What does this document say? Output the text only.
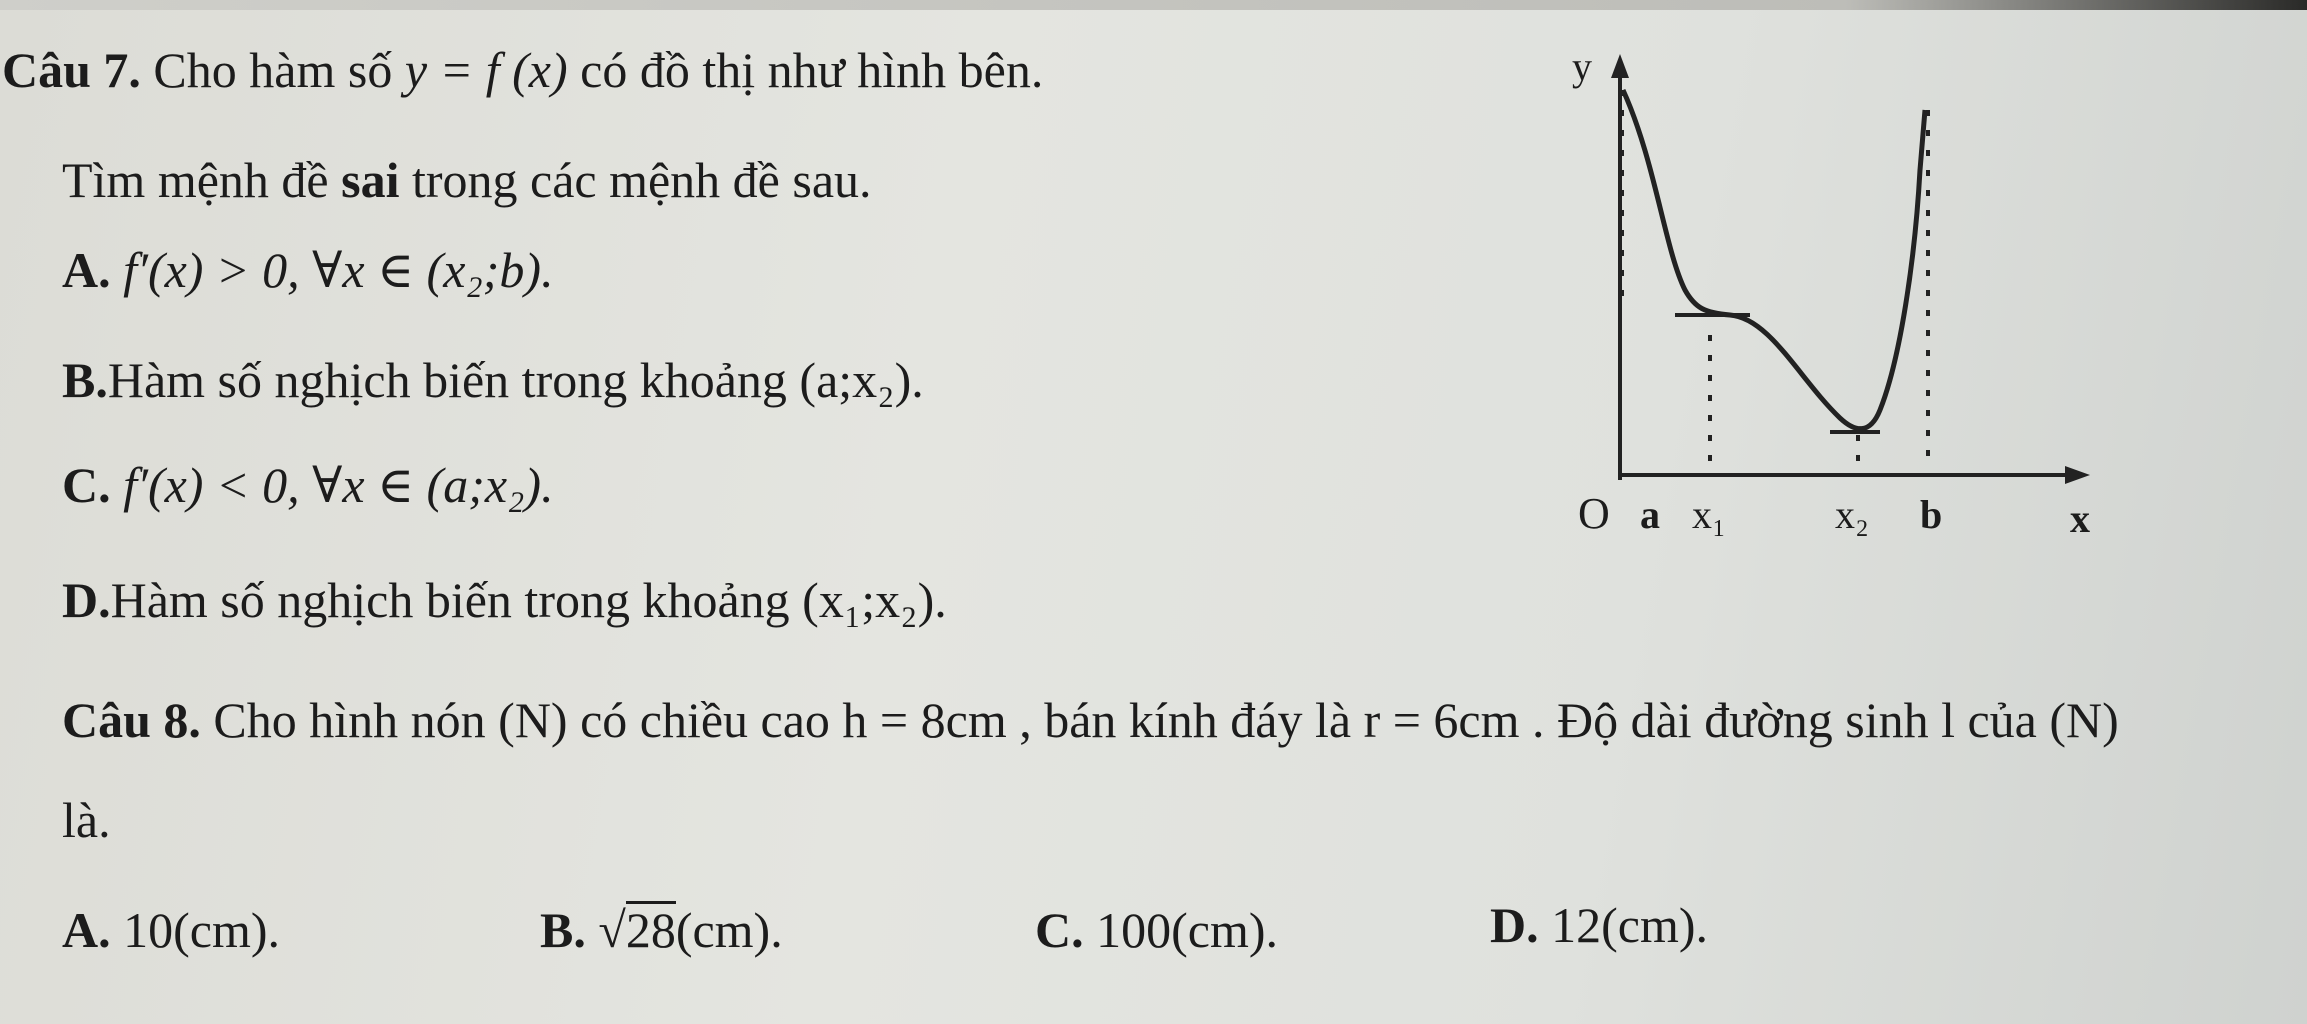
Câu 7. Cho hàm số y = f (x) có đồ thị như hình bên.
Tìm mệnh đề sai trong các mệnh đề sau.
A. f′(x) > 0, ∀x ∈ (x₂;b).
B.Hàm số nghịch biến trong khoảng (a;x₂).
C. f′(x) < 0, ∀x ∈ (a;x₂).
D.Hàm số nghịch biến trong khoảng (x₁;x₂).
y
O a x₁	x₂ b	x
Câu 8. Cho hình nón (N) có chiều cao h = 8cm , bán kính đáy là r = 6cm . Độ dài đường sinh l của (N)
là.
A. 10(cm).	B. √28(cm).	C. 100(cm).	D. 12(cm).
